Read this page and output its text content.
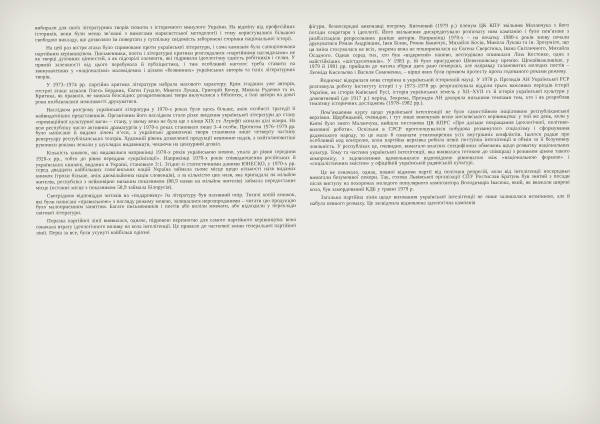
вибирали для своїх літературних творів сюжети з історичного минулого України. На відміну від професійних істориків, вони були менш зв’язані з вимогами марксистської методології і тому користувалися більшою свободою викладу, що дозволяло їм повертати у суспільну свідомість заборонені сторінки національної історії.

На цей раз вістря атаки було спрямоване проти української літератури, і сама кампанія була санкціонована партійним керівництвом. Письменники, поети і літературні критики розглядалися «партійними наглядачами» не як творці духовних цінностей, а як підозрілі елементи, які підривали ідеологічну єдність робітників і селян. У прямій залежності від цього перебувала й публіцистика, і тим особливий наголос треба ставити на звинуваченнях у «націоналізмі» маловідомих і цілком «безвинних» українських авторів та їхніх літературних творів.

У 1973–1974 рр. партійна критика літератури набрала масового характеру. Крім згаданих уже авторів, гострої атаки зазнали Олесь Бердник, Євген Гуцало, Микола Лукаш, Григорій Кочур, Микола Руденко та ін. Критика, як правило, не минала безслідно: розкритиковані твори вилучалися з бібліотек, а їхні автори на довгі роки позбавлялися можливості друкуватися.

Наслідком розгрому української літератури у 1970-х роках було щось більше, аніж особисті трагедії її найвидатніших представників. Органічним його наслідком стало різке зведення української літератури до стану «провінційної культурної ваги» – стану, у якому вона не була ще з кінця XIX ст. Атрофії зазнали цілі жанри. На всю республіку число активних драматургів у 1970-х роках становило лише 3–4 особи. Протягом 1976–1979 рр. було написано й видано лічені п’єси, а українські драматичні твори становили лише четверту частину репертуару республіканських театрів. Художній рівень дозволеної продукції невпинно падав, а найталановитіші рукописи роками лежали у шухлядах видавництв, чекаючи на цензурний дозвіл.

Кількість книжок, які видавалися наприкінці 1970-х років українською мовою, упала до рівня середини 1920-х рр., тобто до рівня переддня «українізації». Наприкінці 1970-х років співвідношення російських й українських книжок, виданих в Україні, становило 3:1. Згідно зі статистичними даними ЮНЕСКО, у 1970-х рр. серед двадцяти найбільших слов’янських націй Україна займала сьоме місце щодо кількості назв виданих книжок (трохи більше, аніж двомільйонна нація словенців), а за кількістю цих назв, яка припадала на мільйон жителів, республіка з неймовірно низьким показником (88,9 назви на мільйон жителів) займала передостаннє місце (останнє місце з показником 58,9 займала Білорусія).

Своєрідною відповіддю читачів на «подаровану» їм літературу був пасивний опір. Тисячі копій книжок, які були написані «правильною» з погляду режиму мовою, залишалися нерозпроданими – читати цю продукцію було малоприємним заняттям. Багато письменників і поетів або воліли мовчати, або відходили у переклади світової літератури.

Поразка партійної лінії виявилася, одначе, пірровою перемогою для самого партійного керівництва: вона означала втрату ідеологічного впливу на кола інтелігенції. Це привело до часткової зміни генеральної партійної лінії. Перш за все, були усунуті найбільш одіозні

фігури, безпосередні виконавці погрому. Квітневий (1979 р.) пленум ЦК КПУ звільнив Маланчука з його посади секретаря з ідеології. Його звільнення дискредитувало розпочату ним кампанію і було пов’язане з реабілітацією репресованих раніше авторів. Наприкінці 1970-х – на початку 1980-х років знову почали друкуватися Роман Андріяшик, Іван Білик, Роман Іваничук, Михайло Косів, Микола Лукаш та ін. Зрозуміло, що ця зміна стосувалася не всіх, зокрема вона не поширювалася на Євгена Сверстюка, Івана Світличного, Михайла Осадчого. Однак серед тих, хто був «відкритий» наново, несподівано опинилася Ліна Костенко, одна з найстійкіших «шістдесятників». У 1983 р. їй було присуджено Шевченківську премію. Щонайважливіше, у 1979 й 1981 рр. прийшли до читача збірки двох рано померлих, але направду талановитих молодих поетів – Леоніда Кисельова і Василя Симоненка, – вірші яких були проявом протесту проти годованого роками режиму.

Водночас відкрилася нова сторінка в українській історичній науці. У 1978 р. Президія АН Української РСР розглянула роботу Інституту історії і у 1973–1978 рр. реорганізувала відділи трьох важливих періодів історії України, як історія Київської Русі, історія українських земель у XII–XVII ст. й історія української культури у дожовтневий (до 1917 р.) період. Зокрема, Президія АН докоряла низькими темпами тим, хто і як розробляв тематику історичних досліджень (1978–1982 рр.).

Пом’якшення курсу щодо української інтелігенції не було самостійною ініціативою республіканської верхівки. Щербицький, очевидно, і тут лише виконував волю московського керівництва: у той же день, коли у Києві було знято Маланчука, вийшла постанова ЦК КПРС «Про дальше покращання ідеологічної, політико-виховної роботи». Оскільки в СРСР проголошувалася побудова розвинутого соціалізму і сформування радянського народу, то це мало б означати утихомирення усіх внутрішніх конфліктів. Ішлося радше про особливий код контролю, коли партійна верхівка робила певні поступки інтелігенції в обмін за її безумовну лояльність. У республіках це, очевидно, вимагало власних специфічних обмежень щодо розвитку національних культур. Тому та частина української інтелігенції, яка виявилася готовою до співпраці з режимом ціною такого компромісу, з задоволенням вдовольнялася відповідною рівновагою між «національною формою» і «соціалістичним змістом» у офіційній українській радянській культурі.

Це не означало, однак, повної відмови партії від політики репресій, коли від інтелігенції посередньо вимагали безумовної покори. Так, голова Львівської організації СПУ Ростислав Братунь був знятий з посади після виступу на похоронах молодого популярного композитора Володимира Івасюка, який, як вважали широкі кола, був замордований КДБ у травні 1979 р.

Загальна партійна лінія щодо виховання української інтелігенції не лише залишалася незмінною, але й набула певного розмаху. Це засвідчила відновлена ідеологічна кампанія
